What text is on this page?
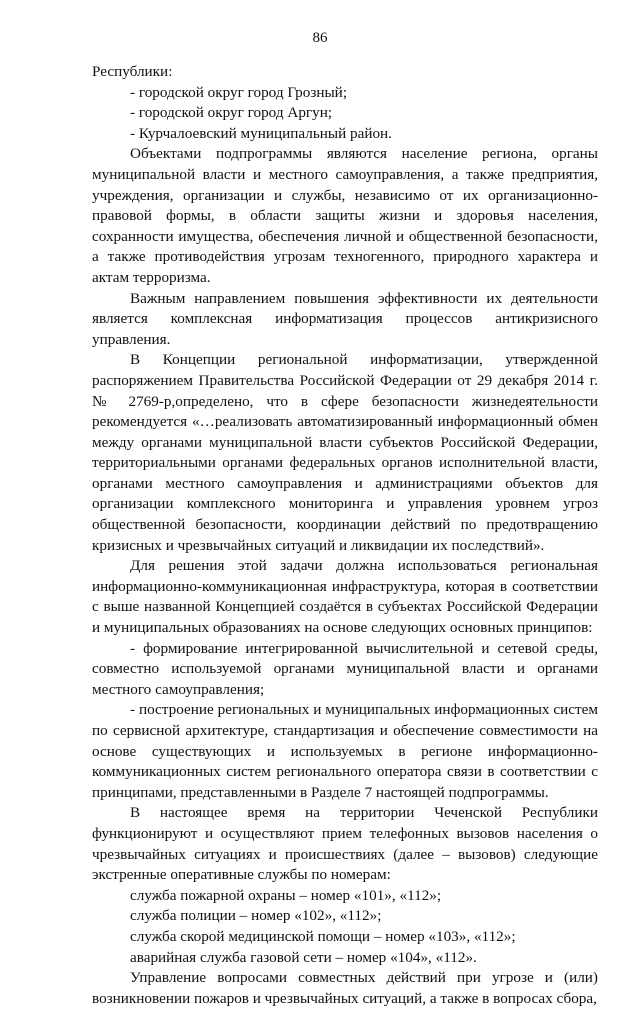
86

Республики:

- городской округ город Грозный;

- городской округ город Аргун;

- Курчалоевский муниципальный район.

Объектами подпрограммы являются население региона, органы муниципальной власти и местного самоуправления, а также предприятия, учреждения, организации и службы, независимо от их организационно-правовой формы, в области защиты жизни и здоровья населения, сохранности имущества, обеспечения личной и общественной безопасности, а также противодействия угрозам техногенного, природного характера и актам терроризма.

Важным направлением повышения эффективности их деятельности является комплексная информатизация процессов антикризисного управления.

В Концепции региональной информатизации, утвержденной распоряжением Правительства Российской Федерации от 29 декабря 2014 г. № 2769-р,определено, что в сфере безопасности жизнедеятельности рекомендуется «…реализовать автоматизированный информационный обмен между органами муниципальной власти субъектов Российской Федерации, территориальными органами федеральных органов исполнительной власти, органами местного самоуправления и администрациями объектов для организации комплексного мониторинга и управления уровнем угроз общественной безопасности, координации действий по предотвращению кризисных и чрезвычайных ситуаций и ликвидации их последствий».

Для решения этой задачи должна использоваться региональная информационно-коммуникационная инфраструктура, которая в соответствии с выше названной Концепцией создаётся в субъектах Российской Федерации и муниципальных образованиях на основе следующих основных принципов:

- формирование интегрированной вычислительной и сетевой среды, совместно используемой органами муниципальной власти и органами местного самоуправления;

- построение региональных и муниципальных информационных систем по сервисной архитектуре, стандартизация и обеспечение совместимости на основе существующих и используемых в регионе информационно-коммуникационных систем регионального оператора связи в соответствии с принципами, представленными в Разделе 7 настоящей подпрограммы.

В настоящее время на территории Чеченской Республики функционируют и осуществляют прием телефонных вызовов населения о чрезвычайных ситуациях и происшествиях (далее – вызовов) следующие экстренные оперативные службы по номерам:

служба пожарной охраны – номер «101», «112»;

служба полиции – номер «102», «112»;

служба скорой медицинской помощи – номер «103», «112»;

аварийная служба газовой сети – номер «104», «112».

Управление вопросами совместных действий при угрозе и (или) возникновении пожаров и чрезвычайных ситуаций, а также в вопросах сбора,
